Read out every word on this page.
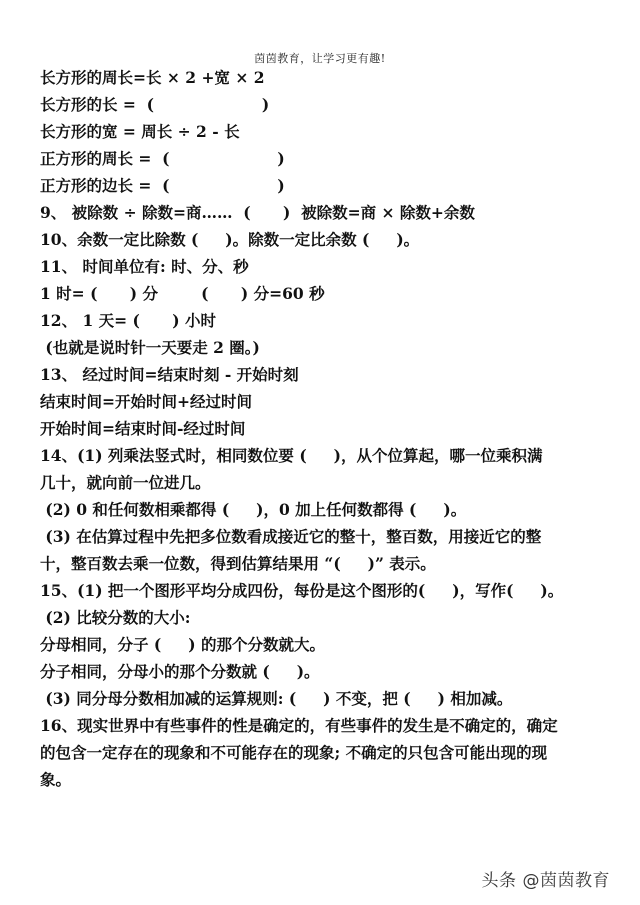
茵茵教育，让学习更有趣!
长方形的周长=长 × 2 +宽 × 2
长方形的长 =  (                    )
长方形的宽 = 周长 ÷ 2 - 长
正方形的周长 =  (                    )
正方形的边长 =  (                    )
9、 被除数 ÷ 除数=商……  (      )  被除数=商 × 除数+余数
10、余数一定比除数 (     )。除数一定比余数 (     )。
11、 时间单位有: 时、分、秒
1 时= (      ) 分        (      ) 分=60 秒
12、 1 天= (      ) 小时
(也就是说时针一天要走 2 圈。)
13、 经过时间=结束时刻 - 开始时刻
结束时间=开始时间+经过时间
开始时间=结束时间-经过时间
14、(1) 列乘法竖式时，相同数位要 (     )，从个位算起，哪一位乘积满
几十，就向前一位进几。
(2) 0 和任何数相乘都得 (     )，0 加上任何数都得 (     )。
(3) 在估算过程中先把多位数看成接近它的整十，整百数，用接近它的整
十，整百数去乘一位数，得到估算结果用 “(     )” 表示。
15、(1) 把一个图形平均分成四份，每份是这个图形的(     )，写作(     )。
(2) 比较分数的大小:
分母相同，分子 (     ) 的那个分数就大。
分子相同，分母小的那个分数就 (     )。
(3) 同分母分数相加减的运算规则: (     ) 不变，把 (     ) 相加减。
16、现实世界中有些事件的性是确定的，有些事件的发生是不确定的，确定
的包含一定存在的现象和不可能存在的现象; 不确定的只包含可能出现的现
象。
头条 @茵茵教育
